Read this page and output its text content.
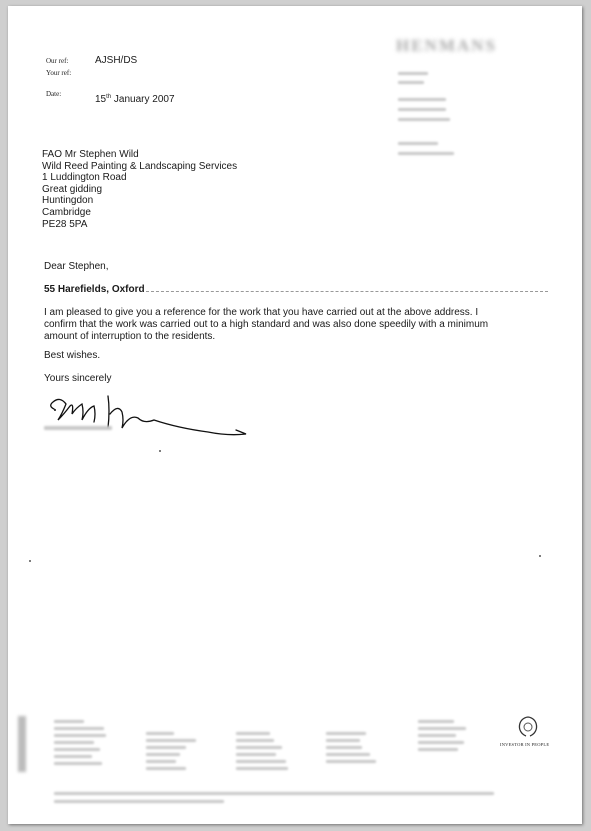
HENMANS
Our ref:	AJSH/DS
Your ref:
Date:	15th January 2007
FAO Mr Stephen Wild
Wild Reed Painting & Landscaping Services
1 Luddington Road
Great gidding
Huntingdon
Cambridge
PE28 5PA
Dear Stephen,
55 Harefields, Oxford
I am pleased to give you a reference for the work that you have carried out at the above address. I
confirm that the work was carried out to a high standard and was also done speedily with a minimum
amount of interruption to the residents.
Best wishes.
Yours sincerely
INVESTOR IN PEOPLE
